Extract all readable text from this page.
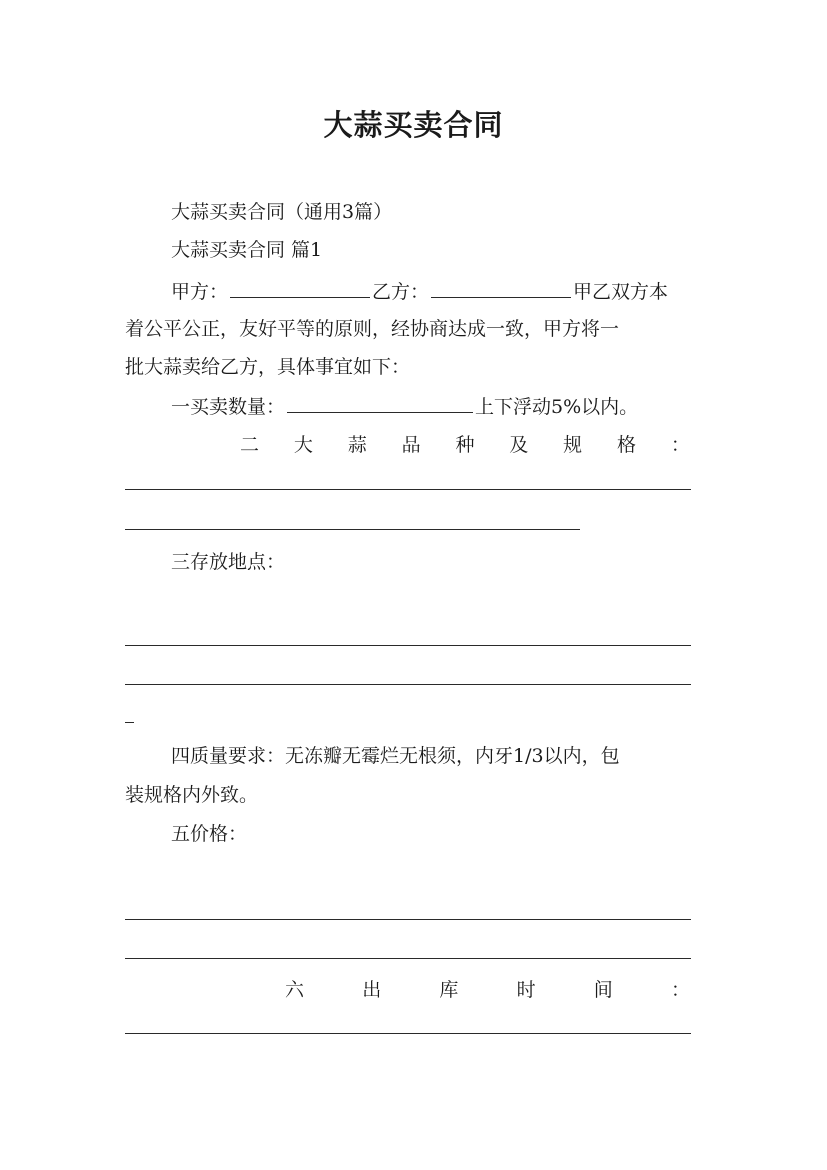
大蒜买卖合同
大蒜买卖合同（通用3篇）
大蒜买卖合同 篇1
甲方：	乙方：	甲乙双方本
着公平公正，友好平等的原则，经协商达成一致，甲方将一
批大蒜卖给乙方，具体事宜如下：
一买卖数量：	上下浮动5%以内。
二 大 蒜 品 种 及 规 格 ：
三存放地点：
四质量要求：无冻瓣无霉烂无根须，内牙1/3以内，包
装规格内外致。
五价格：
六	出	库	时	间	：
